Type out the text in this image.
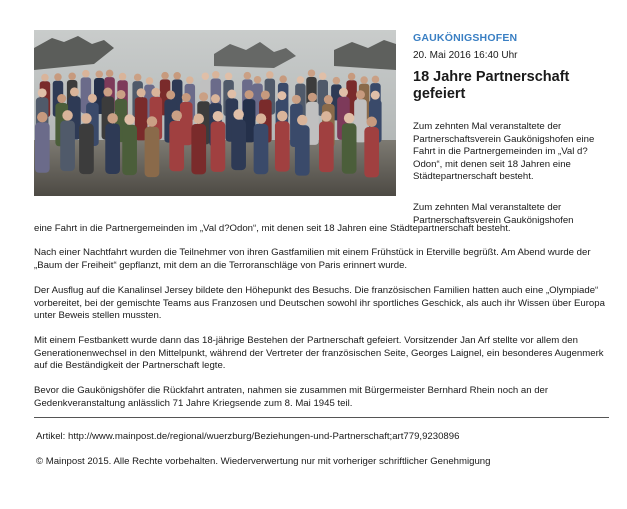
GAUKÖNIGSHOFEN
20. Mai 2016 16:40 Uhr
18 Jahre Partnerschaft gefeiert
Zum zehnten Mal veranstaltete der Partnerschaftsverein Gaukönigshofen eine Fahrt in die Partnergemeinden im „Val d?Odon“, mit denen seit 18 Jahren eine Städtepartnerschaft besteht.
Zum zehnten Mal veranstaltete der Partnerschaftsverein Gaukönigshofen
eine Fahrt in die Partnergemeinden im „Val d?Odon“, mit denen seit 18 Jahren eine Städtepartnerschaft besteht.
Nach einer Nachtfahrt wurden die Teilnehmer von ihren Gastfamilien mit einem Frühstück in Eterville begrüßt. Am Abend wurde der „Baum der Freiheit“ gepflanzt, mit dem an die Terroranschläge von Paris erinnert wurde.
Der Ausflug auf die Kanalinsel Jersey bildete den Höhepunkt des Besuchs. Die französischen Familien hatten auch eine „Olympiade“ vorbereitet, bei der gemischte Teams aus Franzosen und Deutschen sowohl ihr sportliches Geschick, als auch ihr Wissen über Europa unter Beweis stellen mussten.
Mit einem Festbankett wurde dann das 18-jährige Bestehen der Partnerschaft gefeiert. Vorsitzender Jan Arf stellte vor allem den Generationenwechsel in den Mittelpunkt, während der Vertreter der französischen Seite, Georges Laignel, ein besonderes Augenmerk auf die Beständigkeit der Partnerschaft legte.
Bevor die Gaukönigshöfer die Rückfahrt antraten, nahmen sie zusammen mit Bürgermeister Bernhard Rhein noch an der Gedenkveranstaltung anlässlich 71 Jahre Kriegsende zum 8. Mai 1945 teil.
Artikel: http://www.mainpost.de/regional/wuerzburg/Beziehungen-und-Partnerschaft;art779,9230896
© Mainpost 2015. Alle Rechte vorbehalten. Wiederverwertung nur mit vorheriger schriftlicher Genehmigung
